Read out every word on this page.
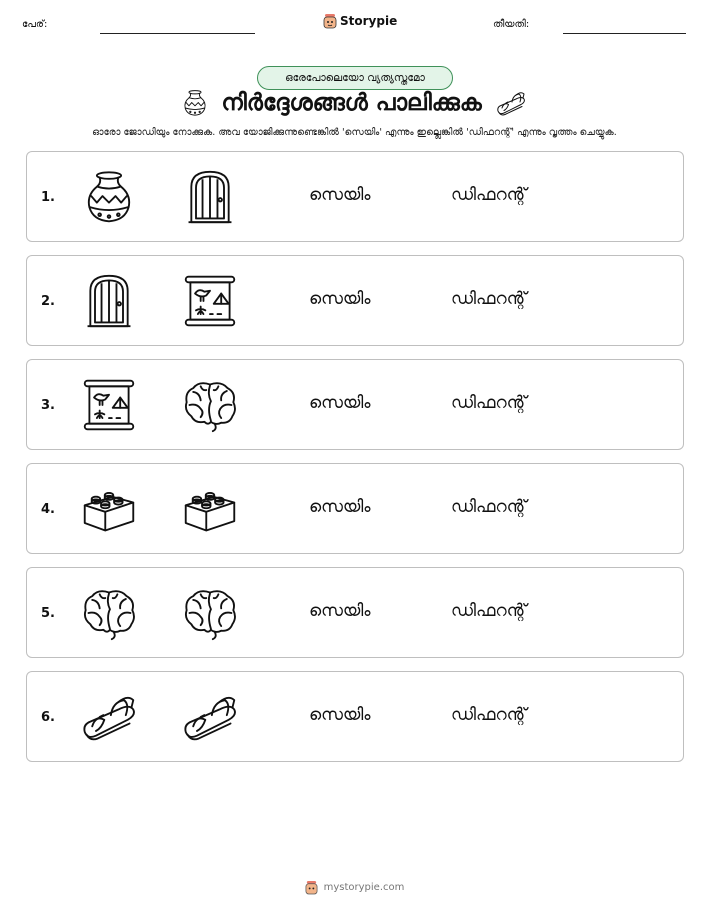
പേര്:	Storypie	തീയതി:
ഒരേപോലെയോ വ്യത്യസ്തമോ
നിർദ്ദേശങ്ങൾ പാലിക്കുക
ഓരോ ജോഡിയും നോക്കുക. അവ യോജിക്കുന്നുണ്ടെങ്കിൽ 'സെയിം' എന്നും ഇല്ലെങ്കിൽ 'ഡിഫറന്റ്' എന്നും വൃത്തം ചെയ്യുക.
1.	സെയിം	ഡിഫറന്റ്
2.	സെയിം	ഡിഫറന്റ്
3.	സെയിം	ഡിഫറന്റ്
4.	സെയിം	ഡിഫറന്റ്
5.	സെയിം	ഡിഫറന്റ്
6.	സെയിം	ഡിഫറന്റ്
mystorypie.com
